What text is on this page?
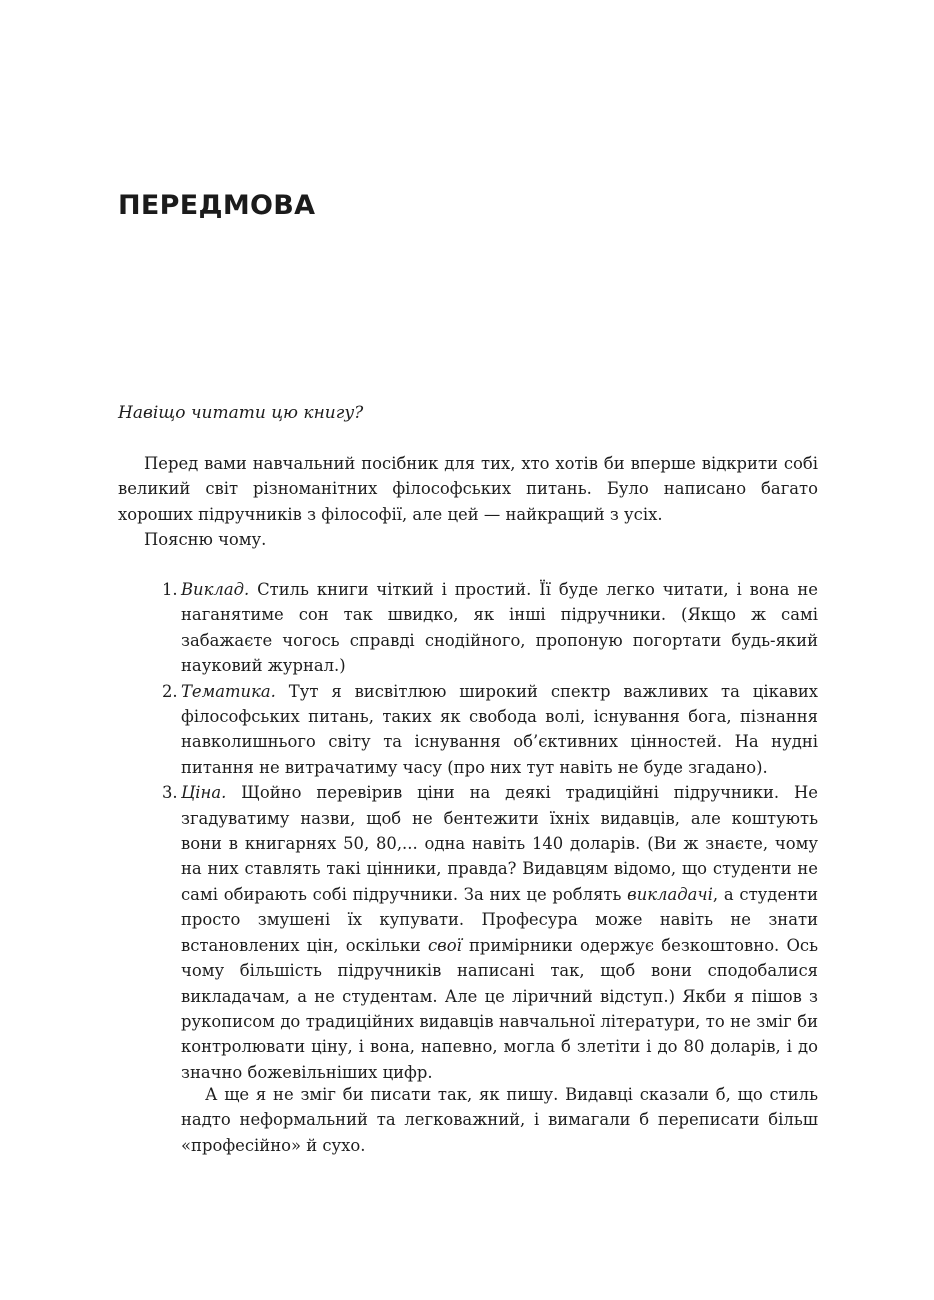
ПЕРЕДМОВА

Навіщо читати цю книгу?

Перед вами навчальний посібник для тих, хто хотів би вперше відкрити собі великий світ різноманітних філософських питань. Було написано багато хороших підручників з філософії, але цей — найкращий з усіх.

Поясню чому.

1. Виклад. Стиль книги чіткий і простий. Її буде легко читати, і вона не наганятиме сон так швидко, як інші підручники. (Якщо ж самі забажаєте чогось справді снодійного, пропоную погортати будь-який науковий журнал.)
2. Тематика. Тут я висвітлюю широкий спектр важливих та цікавих філософських питань, таких як свобода волі, існування бога, пізнання навколишнього світу та існування об’єктивних цінностей. На нудні питання не витрачатиму часу (про них тут навіть не буде згадано).
3. Ціна. Щойно перевірив ціни на деякі традиційні підручники. Не згадуватиму назви, щоб не бентежити їхніх видавців, але коштують вони в книгарнях 50, 80,... одна навіть 140 доларів. (Ви ж знаєте, чому на них ставлять такі цінники, правда? Видавцям відомо, що студенти не самі обирають собі підручники. За них це роблять викладачі, а студенти просто змушені їх купувати. Професура може навіть не знати встановлених цін, оскільки свої примірники одержує безкоштовно. Ось чому більшість підручників написані так, щоб вони сподобалися викладачам, а не студентам. Але це ліричний відступ.) Якби я пішов з рукописом до традиційних видавців навчальної літератури, то не зміг би контролювати ціну, і вона, напевно, могла б злетіти і до 80 доларів, і до значно божевільніших цифр.

А ще я не зміг би писати так, як пишу. Видавці сказали б, що стиль надто неформальний та легковажний, і вимагали б переписати більш «професійно» й сухо.
